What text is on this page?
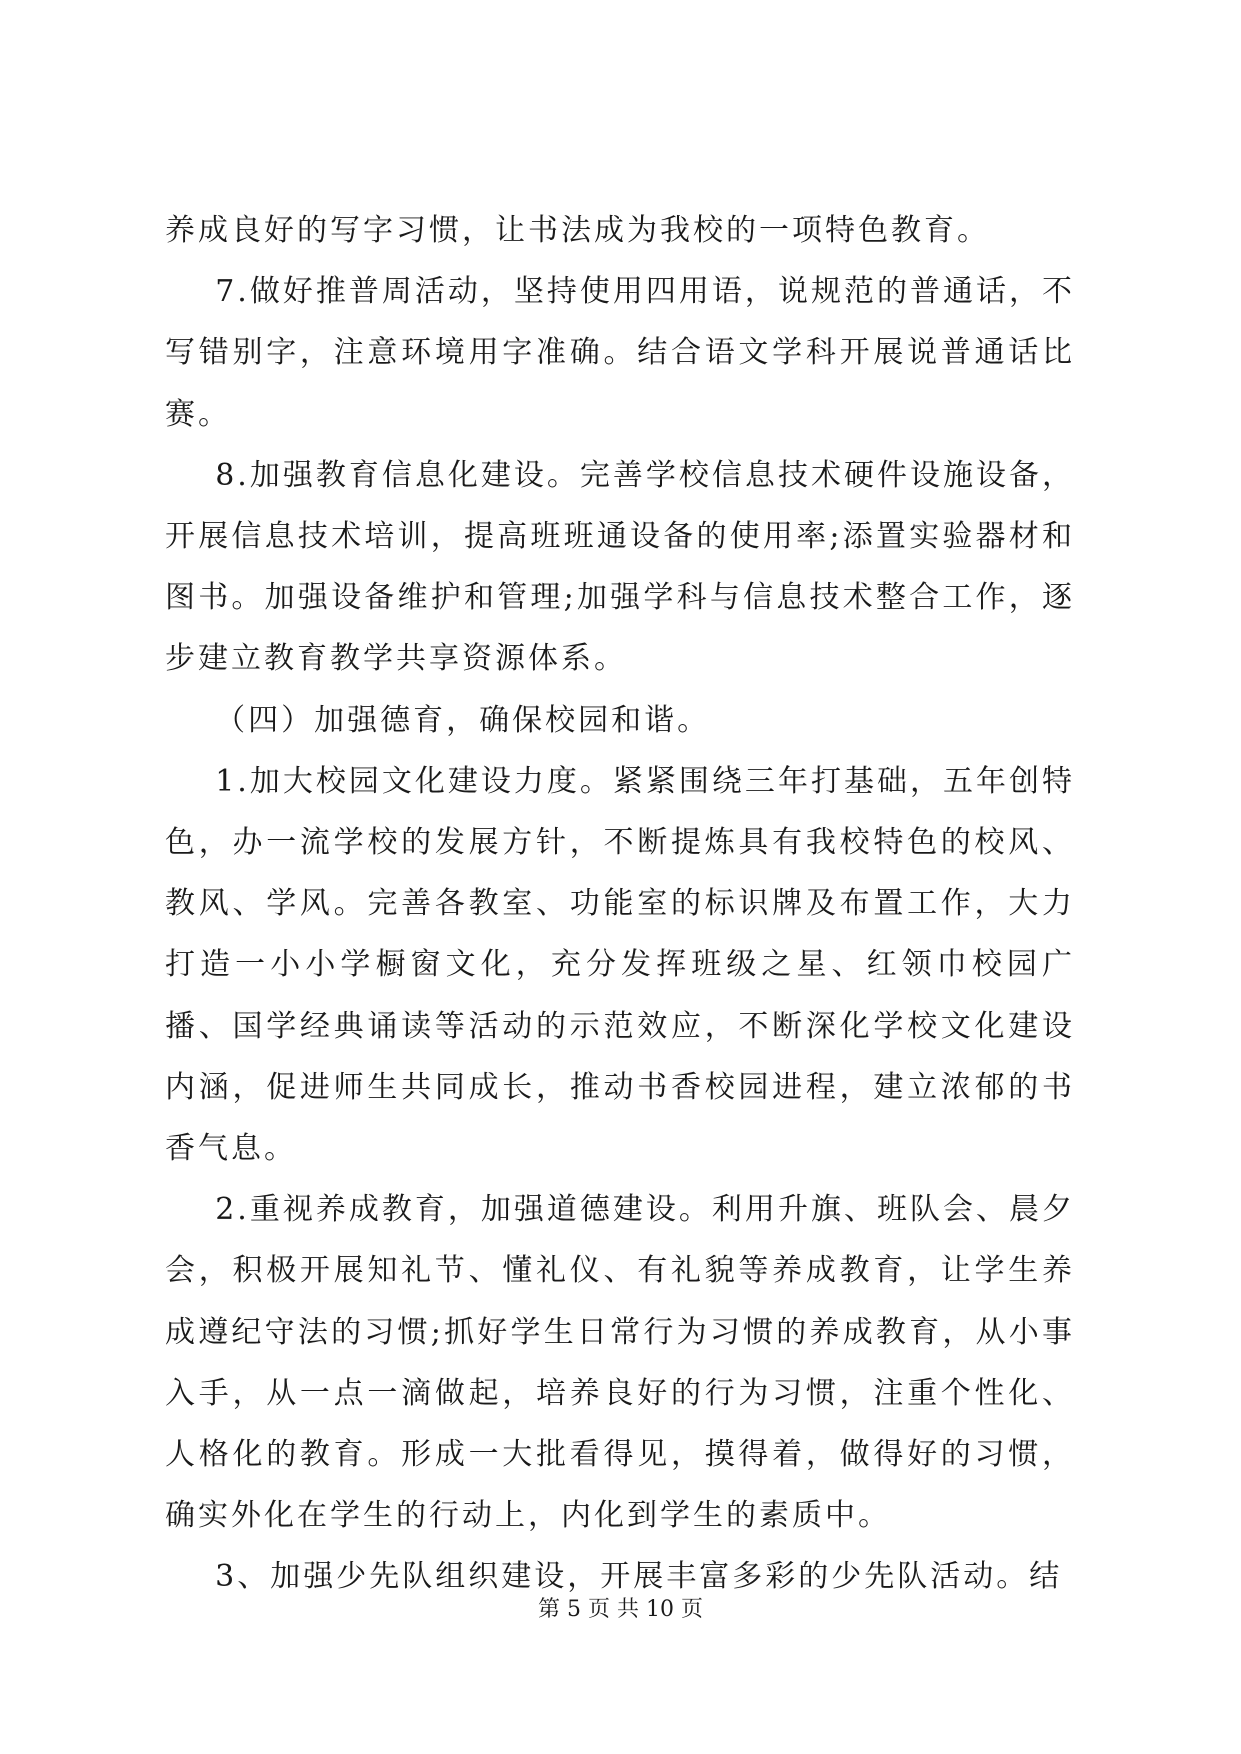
养成良好的写字习惯，让书法成为我校的一项特色教育。

7.做好推普周活动，坚持使用四用语，说规范的普通话，不写错别字，注意环境用字准确。结合语文学科开展说普通话比赛。

8.加强教育信息化建设。完善学校信息技术硬件设施设备，开展信息技术培训，提高班班通设备的使用率;添置实验器材和图书。加强设备维护和管理;加强学科与信息技术整合工作，逐步建立教育教学共享资源体系。

（四）加强德育，确保校园和谐。

1.加大校园文化建设力度。紧紧围绕三年打基础，五年创特色，办一流学校的发展方针，不断提炼具有我校特色的校风、教风、学风。完善各教室、功能室的标识牌及布置工作，大力打造一小小学橱窗文化，充分发挥班级之星、红领巾校园广播、国学经典诵读等活动的示范效应，不断深化学校文化建设内涵，促进师生共同成长，推动书香校园进程，建立浓郁的书香气息。

2.重视养成教育，加强道德建设。利用升旗、班队会、晨夕会，积极开展知礼节、懂礼仪、有礼貌等养成教育，让学生养成遵纪守法的习惯;抓好学生日常行为习惯的养成教育，从小事入手，从一点一滴做起，培养良好的行为习惯，注重个性化、人格化的教育。形成一大批看得见，摸得着，做得好的习惯，确实外化在学生的行动上，内化到学生的素质中。

3、加强少先队组织建设，开展丰富多彩的少先队活动。结

第 5 页 共 10 页
